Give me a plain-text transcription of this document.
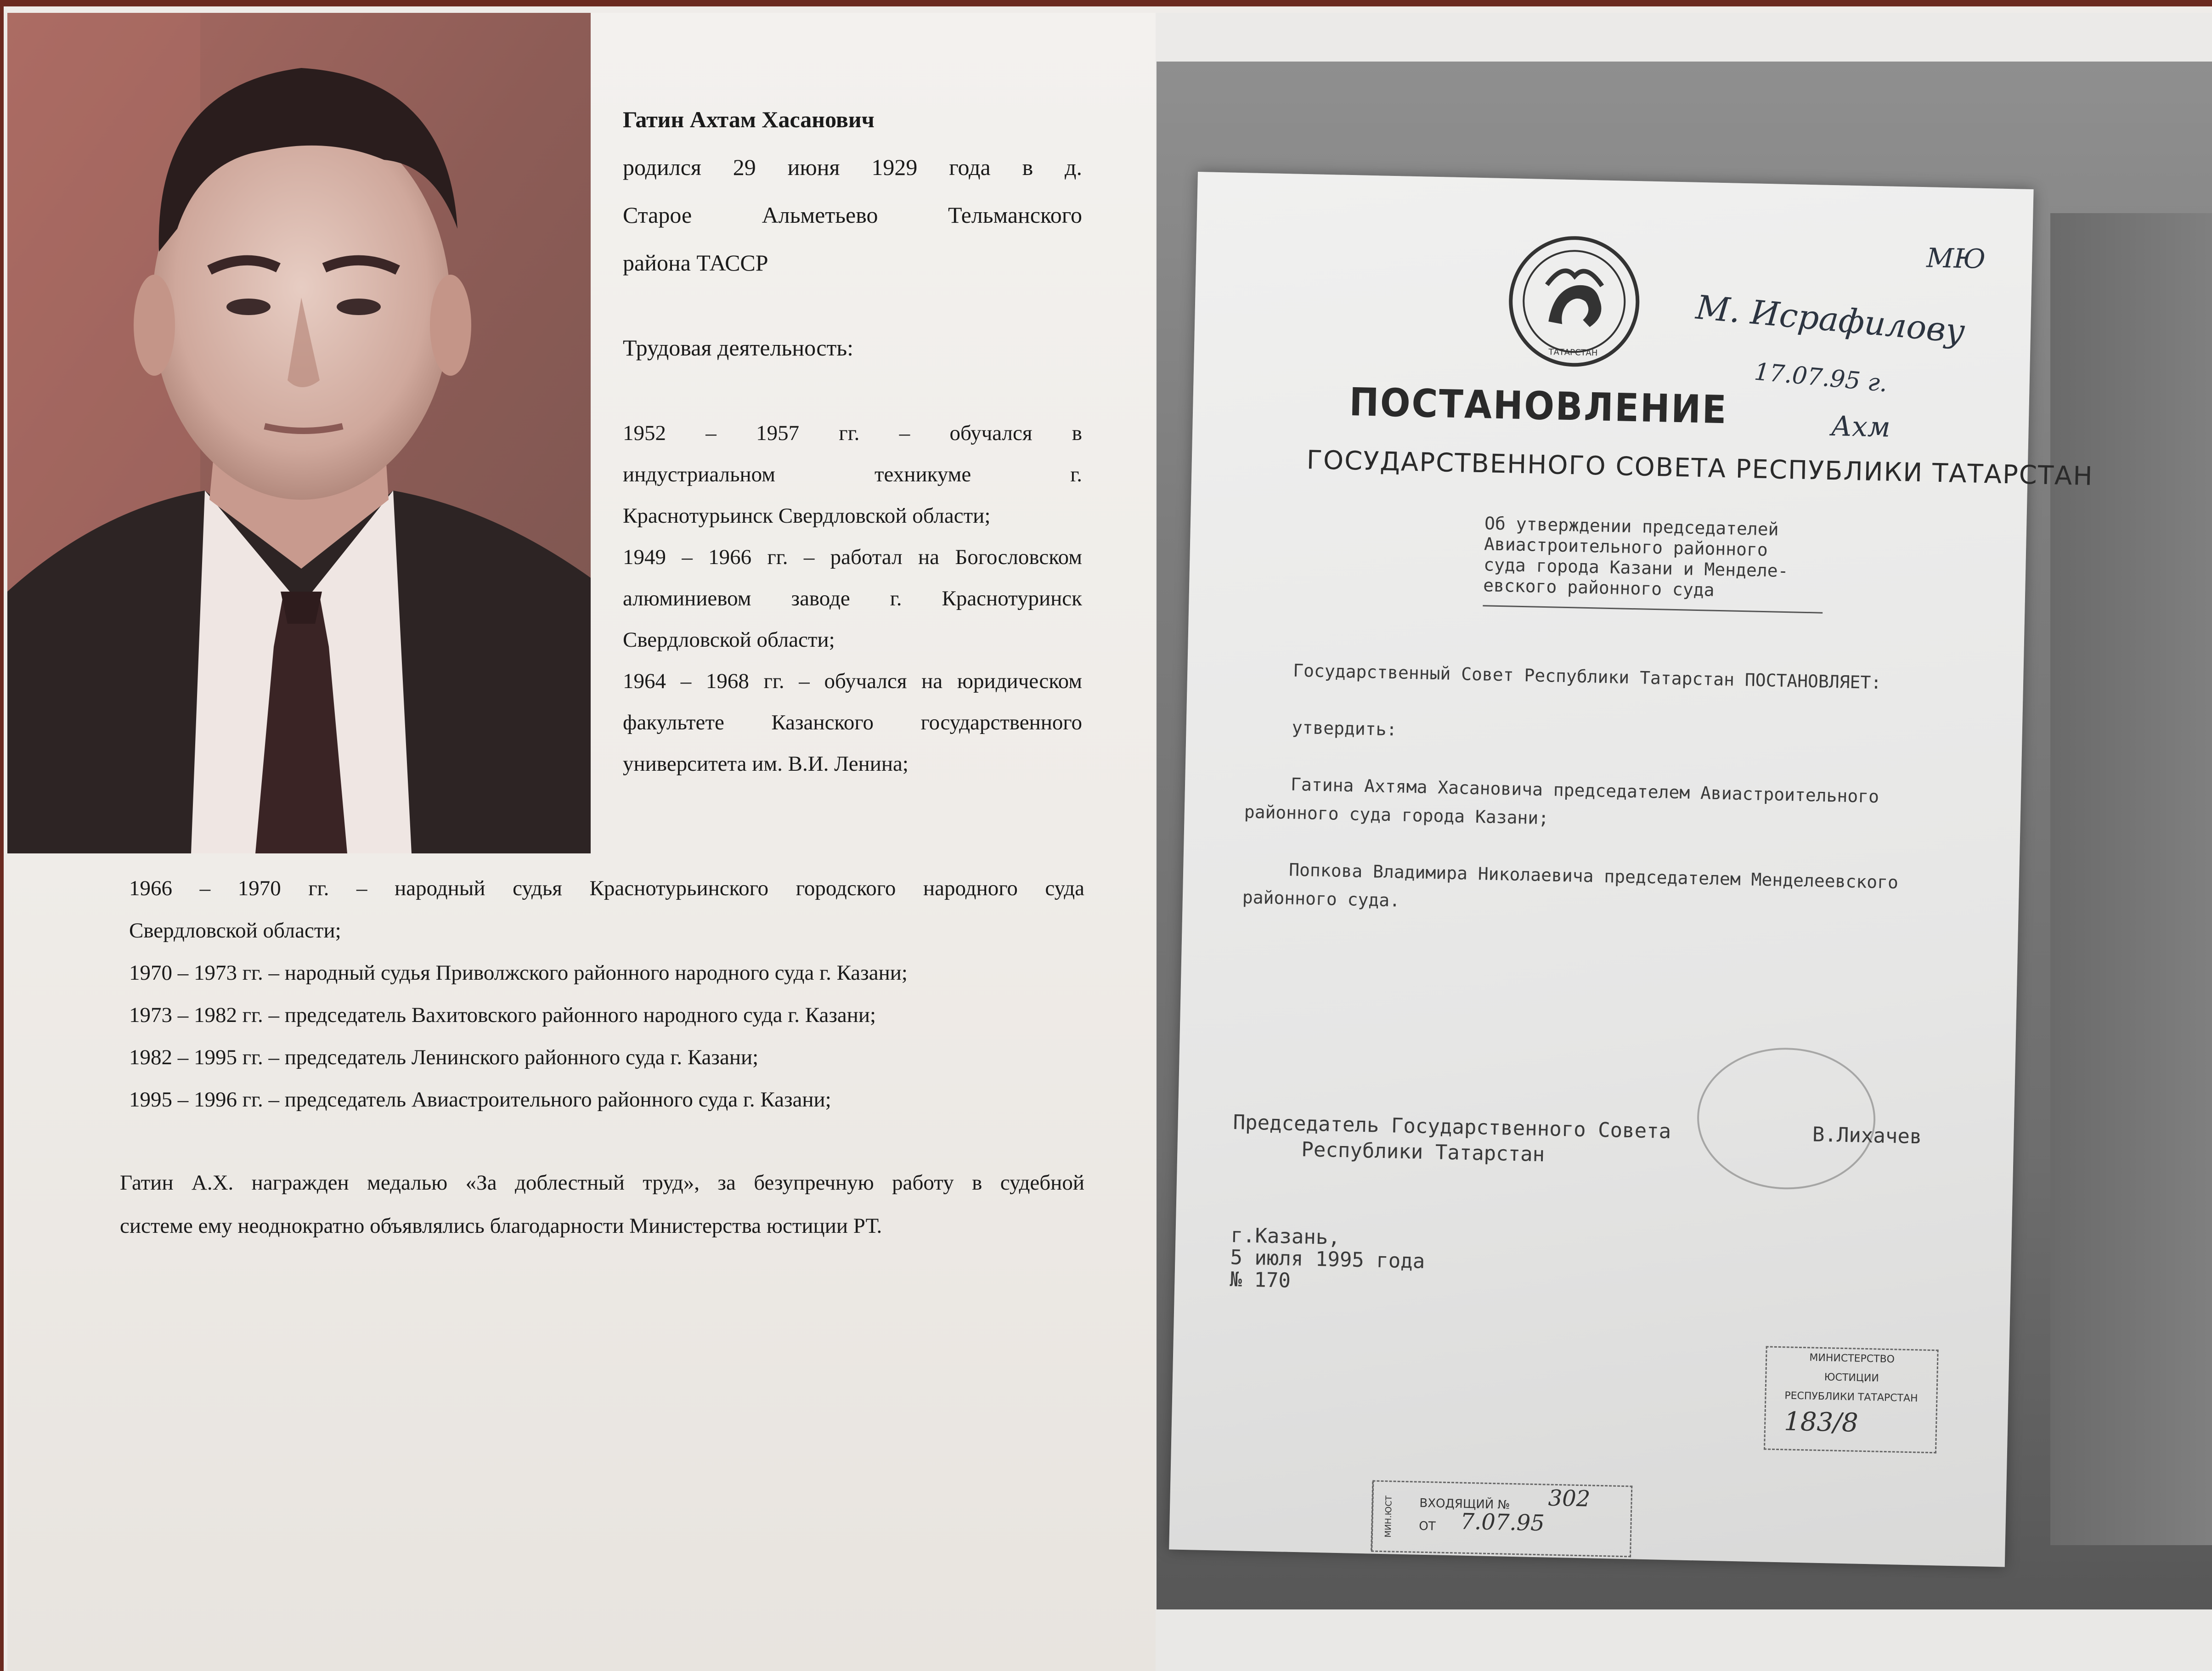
Гатин Ахтам Хасанович
родился 29 июня 1929 года в д.
Старое Альметьево Тельманского
района ТАССР
Трудовая деятельность:
1952 – 1957 гг. – обучался в
индустриальном техникуме г.
Краснотурьинск Свердловской области;
1949 – 1966 гг. – работал на Богословском
алюминиевом заводе г. Краснотуринск
Свердловской области;
1964 – 1968 гг. – обучался на юридическом
факультете Казанского государственного
университета им. В.И. Ленина;
1966 – 1970 гг. – народный судья Краснотурьинского городского народного суда
Свердловской области;
1970 – 1973 гг. – народный судья Приволжского районного народного суда г. Казани;
1973 – 1982 гг. – председатель Вахитовского районного народного суда г. Казани;
1982 – 1995 гг. – председатель Ленинского районного суда г. Казани;
1995 – 1996 гг. – председатель Авиастроительного районного суда г. Казани;
Гатин А.Х. награжден медалью «За доблестный труд», за безупречную работу в судебной
системе ему неоднократно объявлялись благодарности Министерства юстиции РТ.
ТАТАРСТАН
ПОСТАНОВЛЕНИЕ
ГОСУДАРСТВЕННОГО СОВЕТА РЕСПУБЛИКИ ТАТАРСТАН
Об утверждении председателей
Авиастроительного районного
суда города Казани и Менделе-
евского районного суда
Государственный Совет Республики Татарстан ПОСТАНОВЛЯЕТ:
утвердить:
Гатина Ахтяма Хасановича председателем Авиастроительного
районного суда города Казани;
Попкова Владимира Николаевича председателем Менделеевского
районного суда.
Председатель Государственного Совета
Республики Татарстан
В.Лихачев
г.Казань,
5 июля 1995 года
№ 170
МИНИСТЕРСТВО
ЮСТИЦИИ
РЕСПУБЛИКИ ТАТАРСТАН
183/8
МИН.ЮСТ	ВХОДЯЩИЙ № 302
ОТ 7.07.95
МЮ
М. Исрафилову
17.07.95 г.
Ахм
